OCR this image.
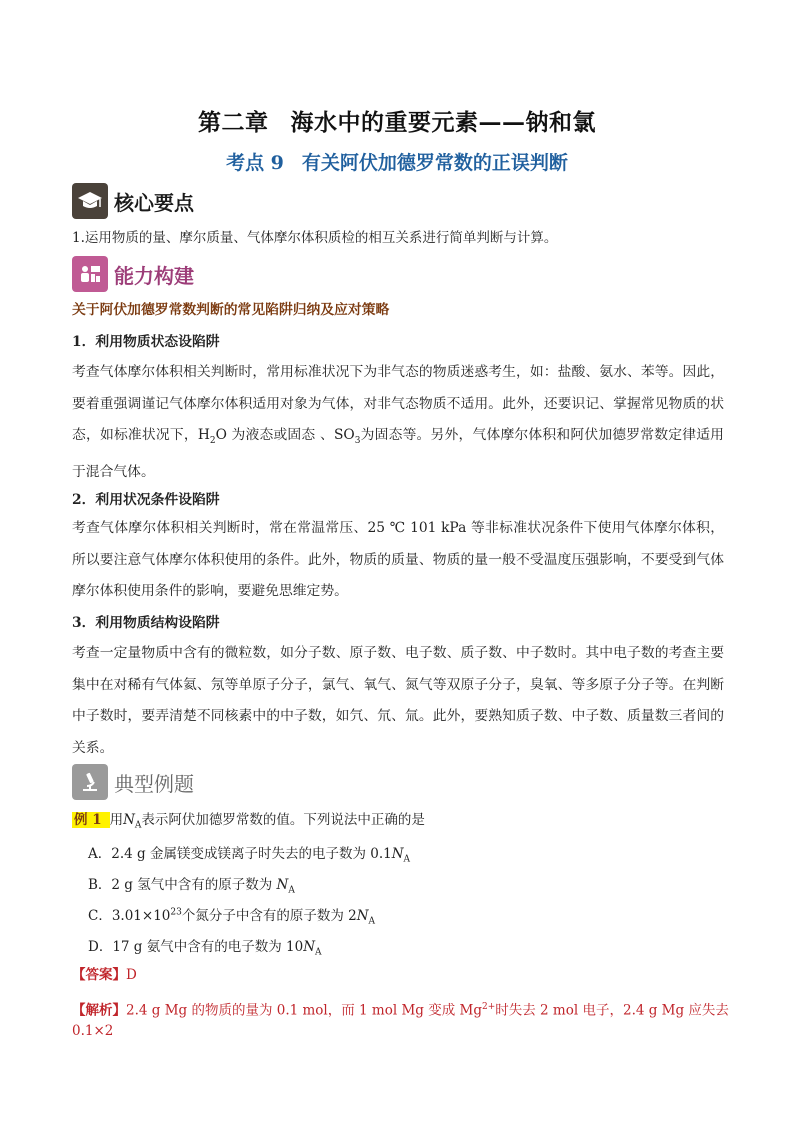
第二章 海水中的重要元素——钠和氯
考点 9 有关阿伏加德罗常数的正误判断
核心要点

1.运用物质的量、摩尔质量、气体摩尔体积质检的相互关系进行简单判断与计算。

能力构建
关于阿伏加德罗常数判断的常见陷阱归纳及应对策略
1．利用物质状态设陷阱

考查气体摩尔体积相关判断时，常用标准状况下为非气态的物质迷惑考生，如：盐酸、氨水、苯等。因此，要着重强调谨记气体摩尔体积适用对象为气体，对非气态物质不适用。此外，还要识记、掌握常见物质的状态，如标准状况下，$H_2O$ 为液态或固态 、$SO_3$为固态等。另外，气体摩尔体积和阿伏加德罗常数定律适用于混合气体。

2．利用状况条件设陷阱

考查气体摩尔体积相关判断时，常在常温常压、25 ℃ 101 kPa 等非标准状况条件下使用气体摩尔体积，所以要注意气体摩尔体积使用的条件。此外，物质的质量、物质的量一般不受温度压强影响，不要受到气体摩尔体积使用条件的影响，要避免思维定势。

3．利用物质结构设陷阱

考查一定量物质中含有的微粒数，如分子数、原子数、电子数、质子数、中子数时。其中电子数的考查主要集中在对稀有气体氦、氖等单原子分子，氯气、氧气、氮气等双原子分子，臭氧、等多原子分子等。在判断中子数时，要弄清楚不同核素中的中子数，如氕、氘、氚。此外，要熟知质子数、中子数、质量数三者间的关系。

典型例题
例 1 用$N_A$表示阿伏加德罗常数的值。下列说法中正确的是
A．2.4 g 金属镁变成镁离子时失去的电子数为 $0.1N_A$
B．2 g 氢气中含有的原子数为 $N_A$
C．$3.01\times 10^{23}$个氮分子中含有的原子数为 $2N_A$
D．17 g 氨气中含有的电子数为 $10N_A$
【答案】D
【解析】2.4 g Mg 的物质的量为 0.1 mol，而 1 mol Mg 变成 $Mg^{2+}$时失去 2 mol 电子，2.4 g Mg 应失去 0.1×2
